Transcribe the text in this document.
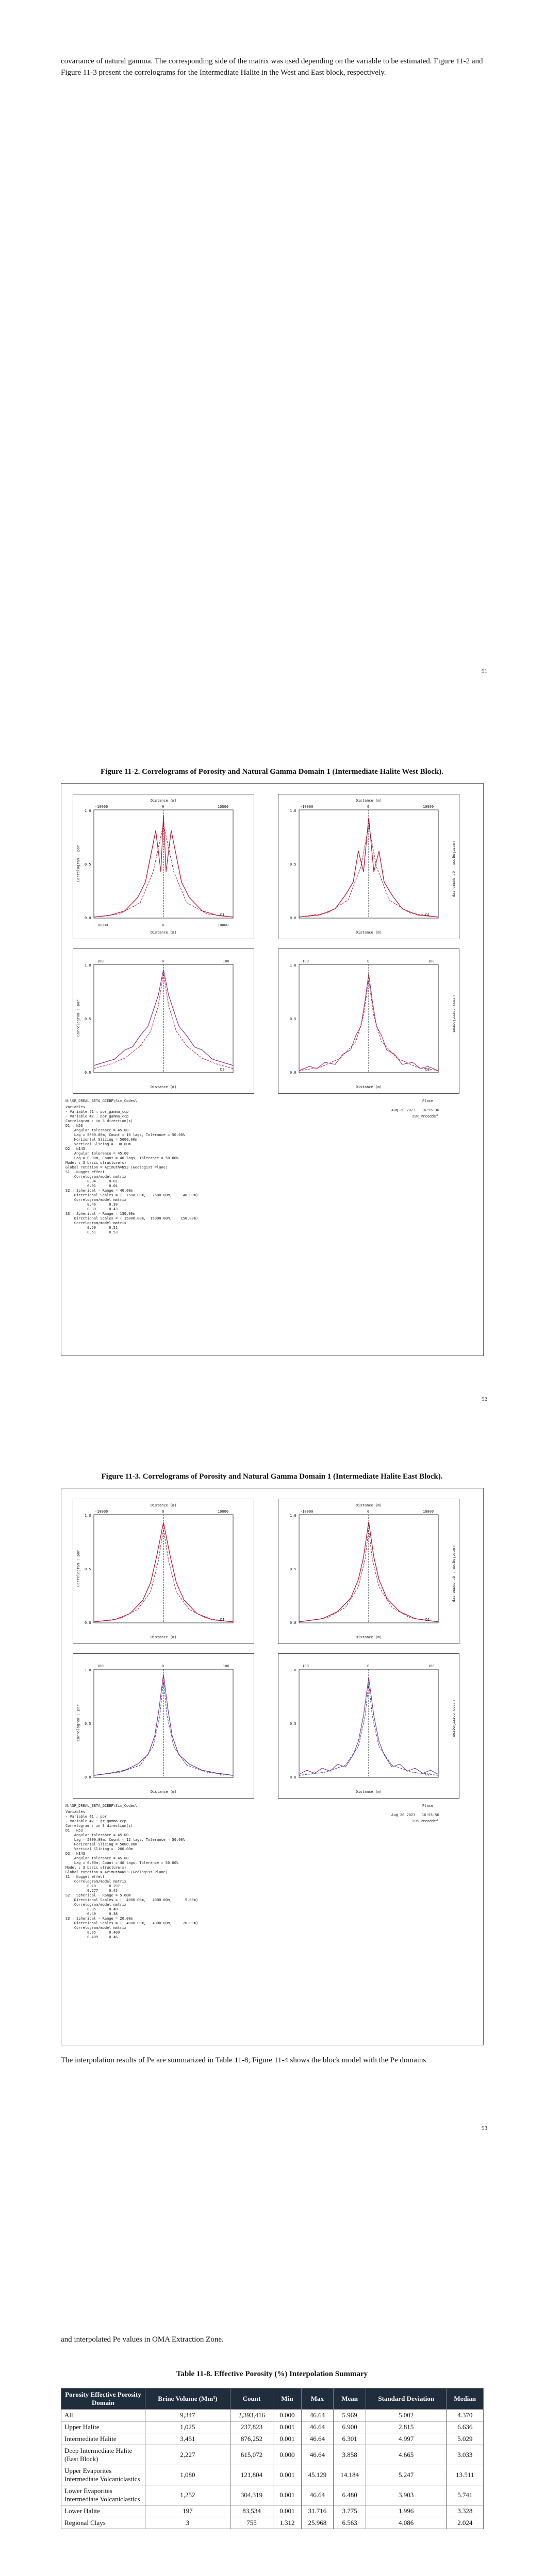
covariance of natural gamma. The corresponding side of the matrix was used depending on the variable to be estimated. Figure 11-2 and Figure 11-3 present the correlograms for the Intermediate Halite in the West and East block, respectively.

91
Figure 11-2. Correlograms of Porosity and Natural Gamma Domain 1 (Intermediate Halite West Block).
Distance (m)
-10000	0	10000
1.0
0.5
0.0
-10000	0	10000
Distance (m)
D1
Correlogram : por
Distance (m)
-10000	0	10000
1.0
0.5
0.0
Distance (m)
D1
Correlogram : gr_gamma_ccp
-100	0	100
1.0
0.5
0.0
Distance (m)
D2
Correlogram : por
-100	0	100
1.0
0.5
0.0
Distance (m)
D2
Cross-correlogram
N:\SR_DREAL_BETA_GCEBP\Sim_Codes\	Place
Aug 20 2023   16:55:36
ISM_Prcoddef
Variables
- Variable #1 : por_gamma_ccp
- Variable #2 : por_gamma_ccp
Correlogram : in 3 direction(s)
D1 : N53
Angular tolerance = 45.00
Lag = 5000.00m, Count = 10 lags, Tolerance = 50.00%
Horizontal Slicing = 5000.00m
Vertical Slicing =  30.00m
D2 : N143
Angular tolerance = 45.00
Lag = 0.00m, Count = 40 lags, Tolerance = 50.00%
Model : 3 basic structure(s)
Global rotation = Azimuth=N53 (Geologist Plane)
S1 : Nugget effect
Correlogram/model matrix
0.04      0.01
0.01      0.04
S2 : Spherical - Range = 40.00m
Directional Scales = (  7500.00m,   7500.00m,     40.00m)
Correlogram/model matrix
0.46      0.39
0.39      0.43
S3 : Spherical - Range = 150.00m
Directional Scales = ( 15000.00m,  15000.00m,    150.00m)
Correlogram/model matrix
0.50      0.51
0.51      0.53
92
Figure 11-3. Correlograms of Porosity and Natural Gamma Domain 1 (Intermediate Halite East Block).
Distance (m)
-10000	0	10000
1.0
0.5
0.0
Distance (m)
D1
Correlogram : por
Distance (m)
-10000	0	10000
1.0
0.5
0.0
Distance (m)
D1
Correlogram : gr_gamma_ccp
-100	0	100
1.0
0.5
0.0
Distance (m)
D2
Correlogram : por
-100	0	100
1.0
0.5
0.0
Distance (m)
D2
Cross-correlogram
N:\SR_DREAL_BETA_GCEBP\Sim_Codes\	Place
Aug 20 2023   16:55:56
ISM_Prcoddef
Variables
- Variable #1 : por
- Variable #2 : gr_gamma_ccp
Correlogram : in 3 direction(s)
D1 : N53
Angular tolerance = 45.00
Lag = 5000.00m, Count = 12 lags, Tolerance = 50.00%
Horizontal Slicing = 5000.00m
Vertical Slicing =  200.00m
D2 : N143
Angular tolerance = 45.00
Lag = 0.00m, Count = 40 lags, Tolerance = 50.00%
Model : 3 basic structure(s)
Global rotation = Azimuth=N53 (Geologist Plane)
S1 : Nugget effect
Correlogram/model matrix
0.18      0.297
0.277     0.45
S2 : Spherical - Range = 5.00m
Directional Scales = (  4000.00m,   4000.00m,      5.00m)
Correlogram/model matrix
0.35     -0.40
-0.40      0.38
S3 : Spherical - Range = 20.00m
Directional Scales = (  4000.00m,   4000.00m,     20.00m)
Correlogram/model matrix
0.35      0.409
0.409     0.46

The interpolation results of Pe are summarized in Table 11-8, Figure 11-4 shows the block model with the Pe domains

93

and interpolated Pe values in OMA Extraction Zone.

Table 11-8. Effective Porosity (%) Interpolation Summary
Porosity Effective Porosity Domain	Brine Volume (Mm³)	Count	Min	Max	Mean	Standard Deviation	Median
All	9,347	2,393,416	0.000	46.64	5.969	5.002	4.370
Upper Halite	1,025	237,823	0.001	46.64	6.900	2.815	6.636
Intermediate Halite	3,451	876,252	0.001	46.64	6.301	4.997	5.029
Deep Intermediate Halite (East Block)	2,227	615,072	0.000	46.64	3.858	4.665	3.033
Upper Evaporites Intermediate Volcaniclastics	1,080	121,804	0.001	45.129	14.184	5.247	13.511
Lower Evaporites Intermediate Volcaniclastics	1,252	304,319	0.001	46.64	6.480	3.903	5.741
Lower Halite	197	83,534	0.001	31.716	3.775	1.996	3.328
Regional Clays	3	755	1.312	25.968	6.563	4.086	2.024
